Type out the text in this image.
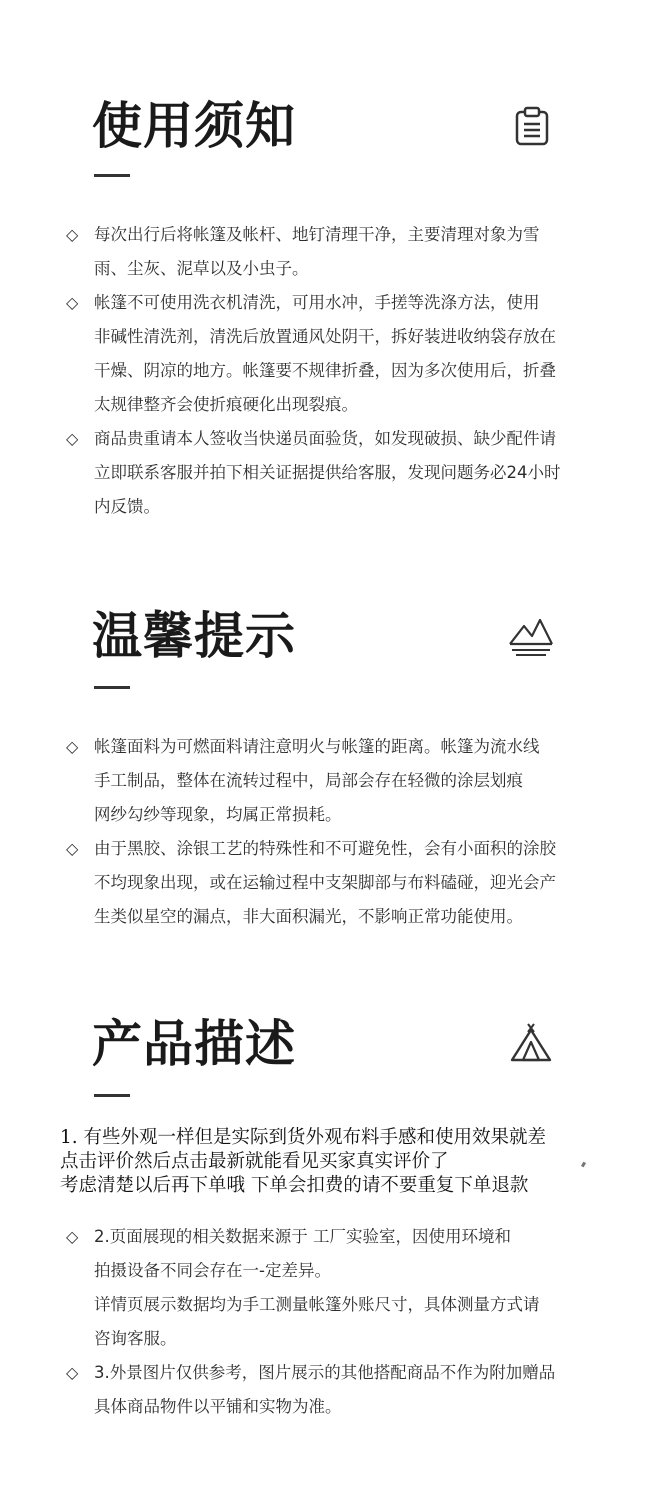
使用须知
◇ 每次出行后将帐篷及帐杆、地钉清理干净，主要清理对象为雪
雨、尘灰、泥草以及小虫子。
◇ 帐篷不可使用洗衣机清洗，可用水冲，手搓等洗涤方法，使用
非碱性清洗剂，清洗后放置通风处阴干，拆好装进收纳袋存放在
干燥、阴凉的地方。帐篷要不规律折叠，因为多次使用后，折叠
太规律整齐会使折痕硬化出现裂痕。
◇ 商品贵重请本人签收当快递员面验货，如发现破损、缺少配件请
立即联系客服并拍下相关证据提供给客服，发现问题务必24小时
内反馈。
温馨提示
◇ 帐篷面料为可燃面料请注意明火与帐篷的距离。帐篷为流水线
手工制品，整体在流转过程中，局部会存在轻微的涂层划痕
网纱勾纱等现象，均属正常损耗。
◇ 由于黑胶、涂银工艺的特殊性和不可避免性，会有小面积的涂胶
不均现象出现，或在运输过程中支架脚部与布料磕碰，迎光会产
生类似星空的漏点，非大面积漏光，不影响正常功能使用。
产品描述
1. 有些外观一样但是实际到货外观布料手感和使用效果就差
点击评价然后点击最新就能看见买家真实评价了
考虑清楚以后再下单哦 下单会扣费的请不要重复下单退款
◇ 2.页面展现的相关数据来源于 工厂实验室，因使用环境和
拍摄设备不同会存在一-定差异。
详情页展示数据均为手工测量帐篷外账尺寸，具体测量方式请
咨询客服。
◇ 3.外景图片仅供参考，图片展示的其他搭配商品不作为附加赠品
具体商品物件以平铺和实物为准。
